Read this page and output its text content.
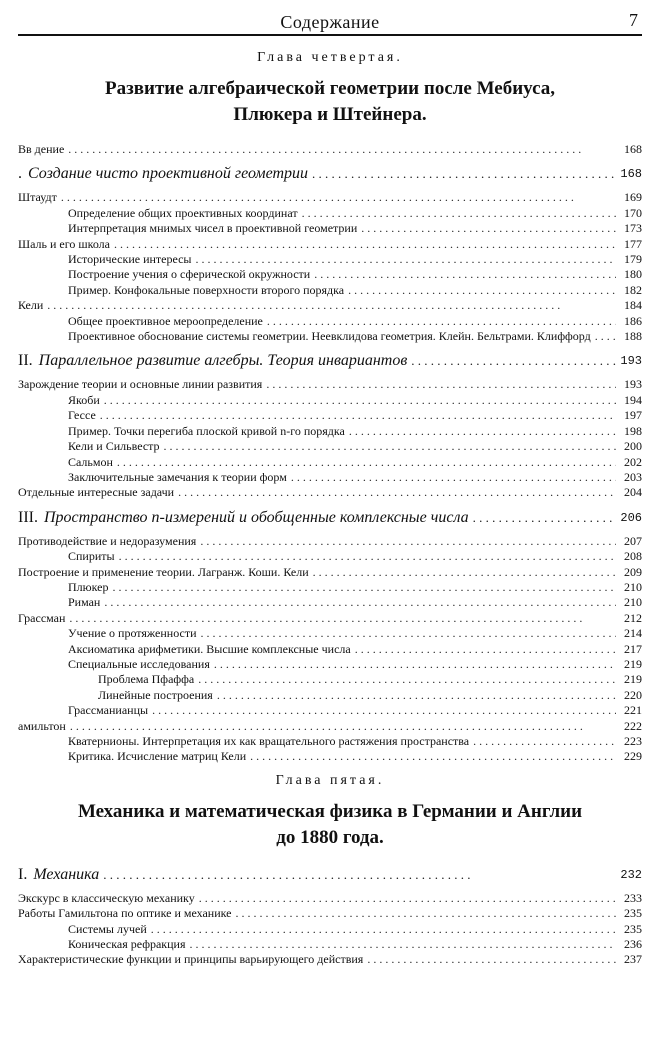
Содержание	7
Глава четвертая.
Развитие алгебраической геометрии после Мебиуса,
Плюкера и Штейнера.
Вв дение . . .	168
. Создание чисто проективной геометрии . . .	168
Штаудт . . .	169
Определение общих проективных координат . . .	170
Интерпретация мнимых чисел в проективной геометрии . . .	173
Шаль и его школа . . .	177
Исторические интересы . . .	179
Построение учения о сферической окружности . . .	180
Пример. Конфокальные поверхности второго порядка . . .	182
Кели . . .	184
Общее проективное мероопределение . . .	186
Проективное обоснование системы геометрии. Неевклидова геометрия. Клейн. Бельтрами. Клиффорд . . .	188
II. Параллельное развитие алгебры. Теория инвариантов . . .	193
Зарождение теории и основные линии развития . . .	193
Якоби . . .	194
Гессе . . .	197
Пример. Точки перегиба плоской кривой n-го порядка . . .	198
Кели и Сильвестр . . .	200
Сальмон . . .	202
Заключительные замечания к теории форм . . .	203
Отдельные интересные задачи . . .	204
III. Пространство n-измерений и обобщенные комплексные числа . . .	206
Противодействие и недоразумения . . .	207
Спириты . . .	208
Построение и применение теории. Лагранж. Коши. Кели . . .	209
Плюкер . . .	210
Риман . . .	210
Грассман . . .	212
Учение о протяженности . . .	214
Аксиоматика арифметики. Высшие комплексные числа . . .	217
Специальные исследования . . .	219
Проблема Пфаффа . . .	219
Линейные построения . . .	220
Грассманианцы . . .	221
амильтон . . .	222
Кватернионы. Интерпретация их как вращательного растяжения пространства . . .	223
Критика. Исчисление матриц Кели . . .	229
Глава пятая.
Механика и математическая физика в Германии и Англии
до 1880 года.
I. Механика . . .	232
Экскурс в классическую механику . . .	233
Работы Гамильтона по оптике и механике . . .	235
Системы лучей . . .	235
Коническая рефракция . . .	236
Характеристические функции и принципы варьирующего действия . . .	237
